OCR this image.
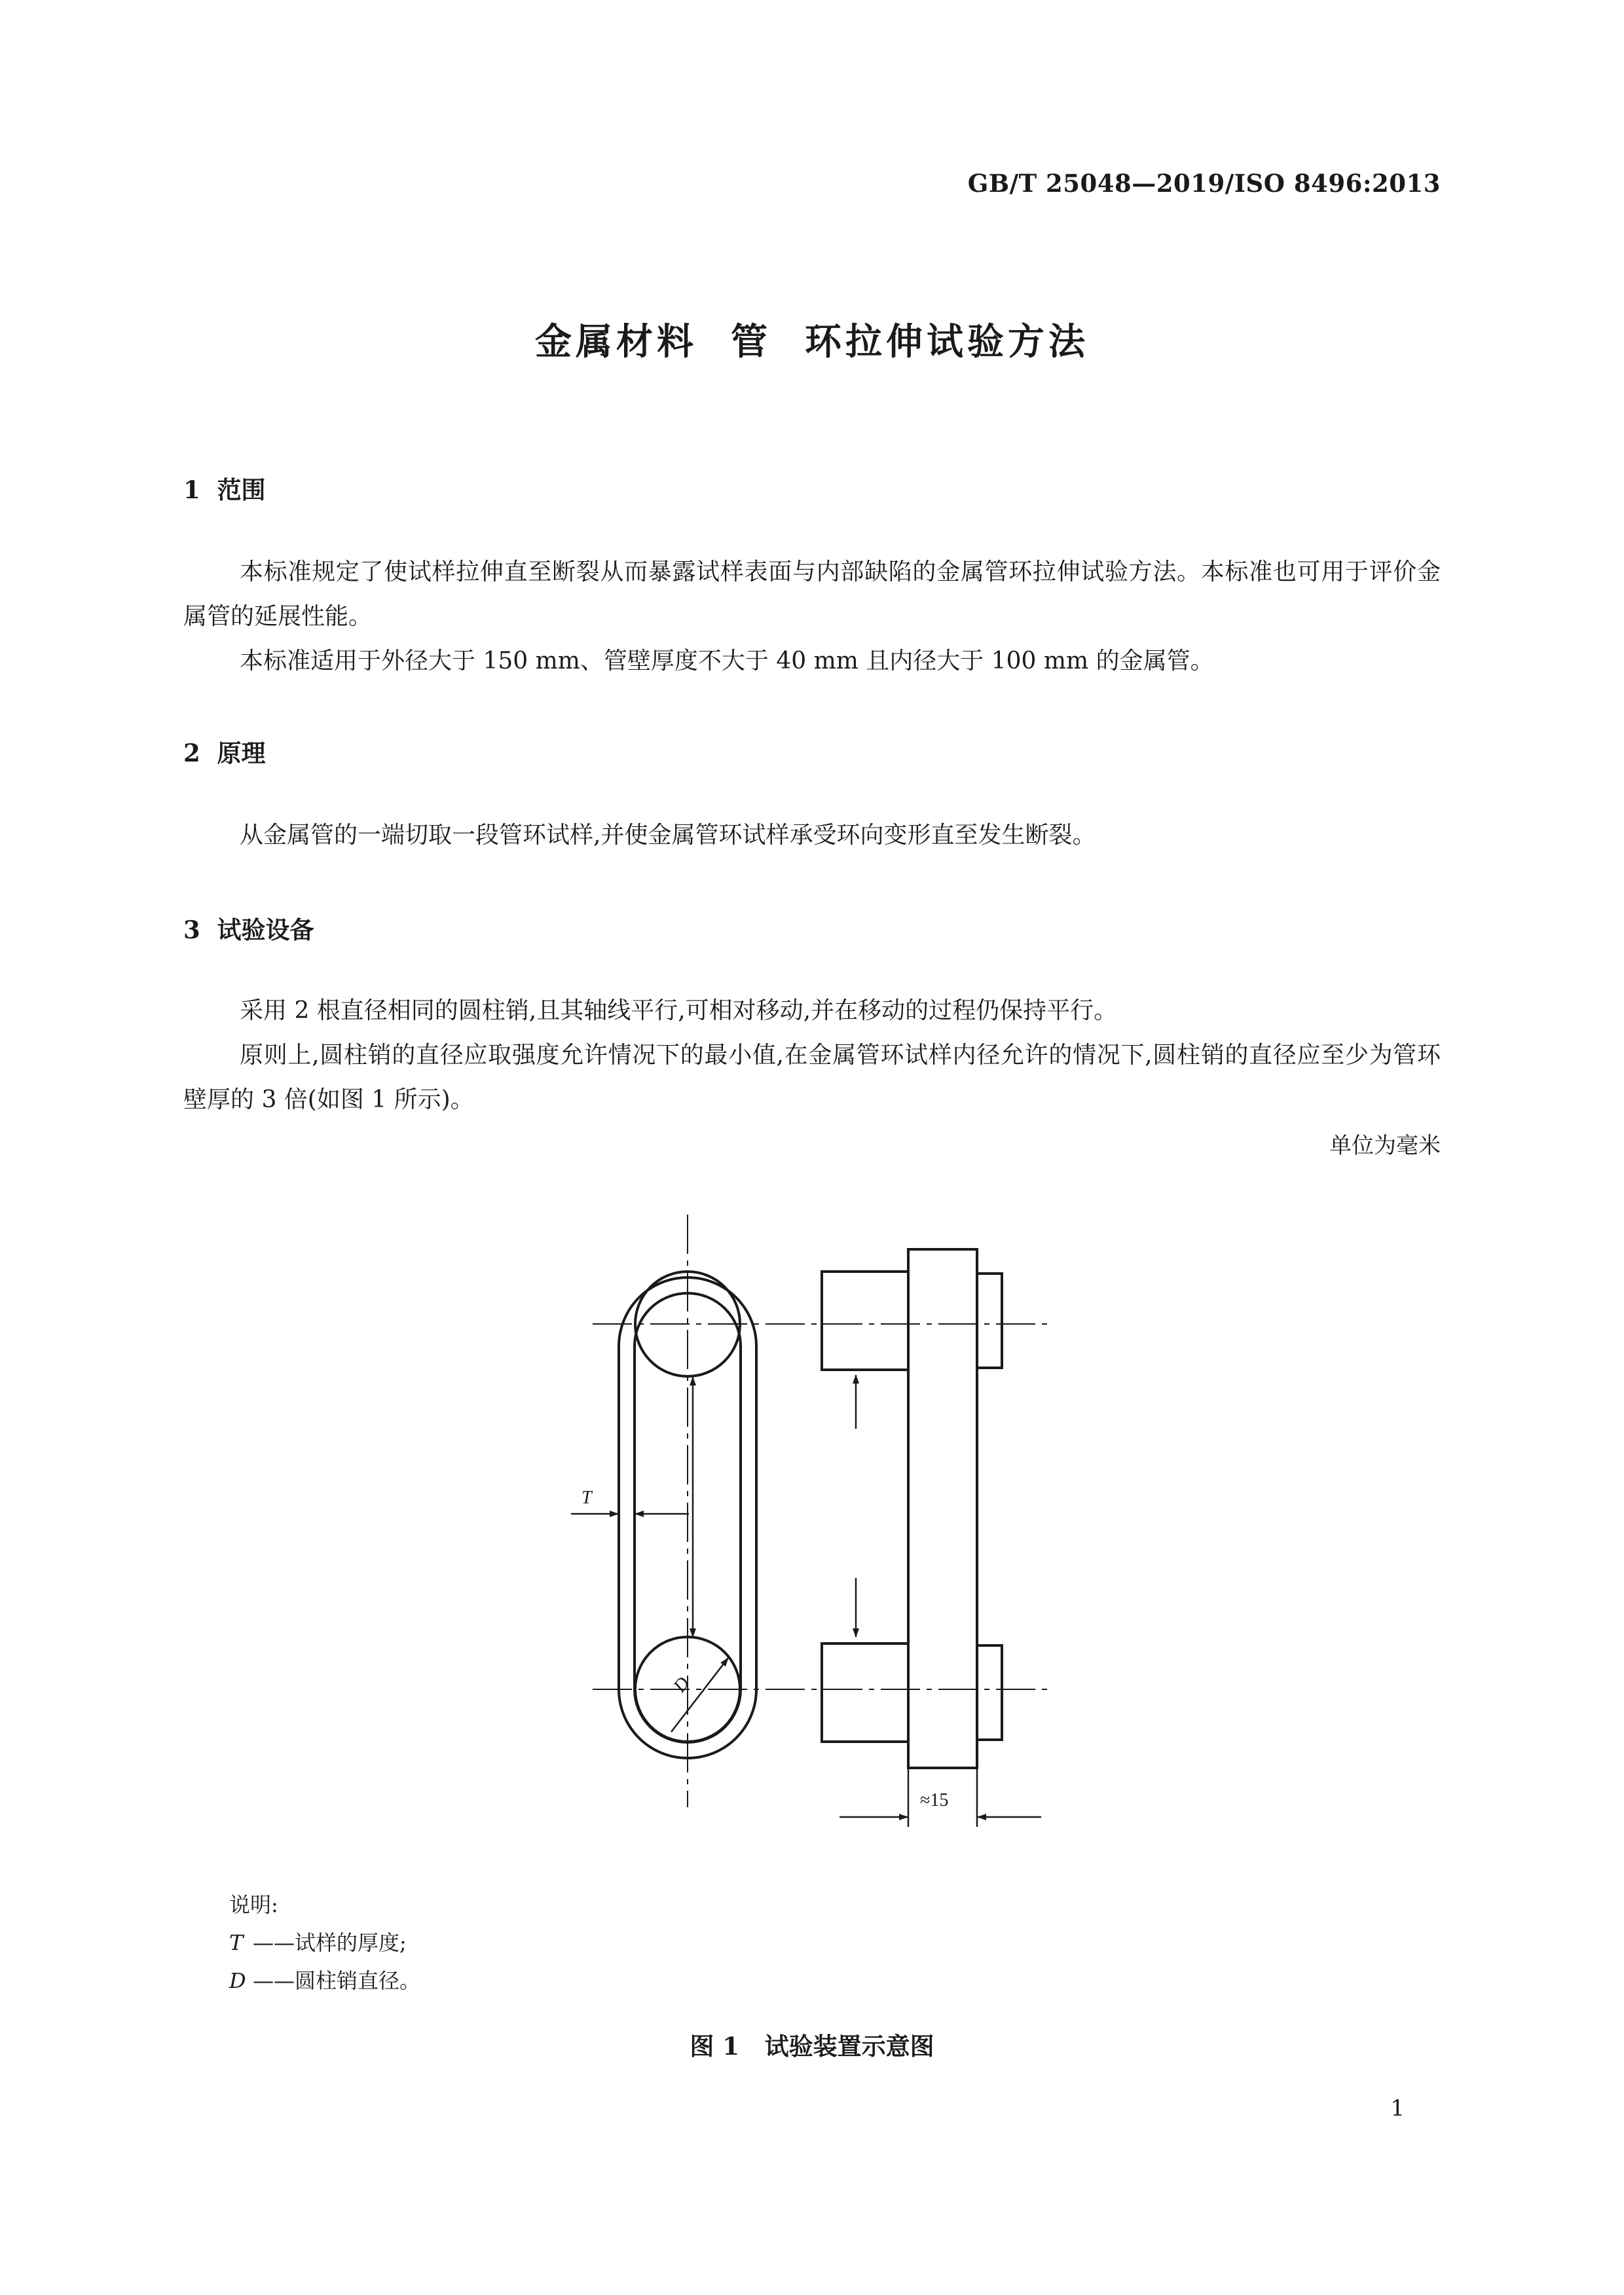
GB/T 25048—2019/ISO 8496:2013
金属材料  管  环拉伸试验方法
1  范围

本标准规定了使试样拉伸直至断裂从而暴露试样表面与内部缺陷的金属管环拉伸试验方法。本标准也可用于评价金属管的延展性能。

本标准适用于外径大于 150 mm、管壁厚度不大于 40 mm 且内径大于 100 mm 的金属管。

2  原理

从金属管的一端切取一段管环试样,并使金属管环试样承受环向变形直至发生断裂。

3  试验设备

采用 2 根直径相同的圆柱销,且其轴线平行,可相对移动,并在移动的过程仍保持平行。

原则上,圆柱销的直径应取强度允许情况下的最小值,在金属管环试样内径允许的情况下,圆柱销的直径应至少为管环壁厚的 3 倍(如图 1 所示)。

单位为毫米
T
D
≈15
说明:
T ——试样的厚度;
D ——圆柱销直径。
图 1   试验装置示意图
1
